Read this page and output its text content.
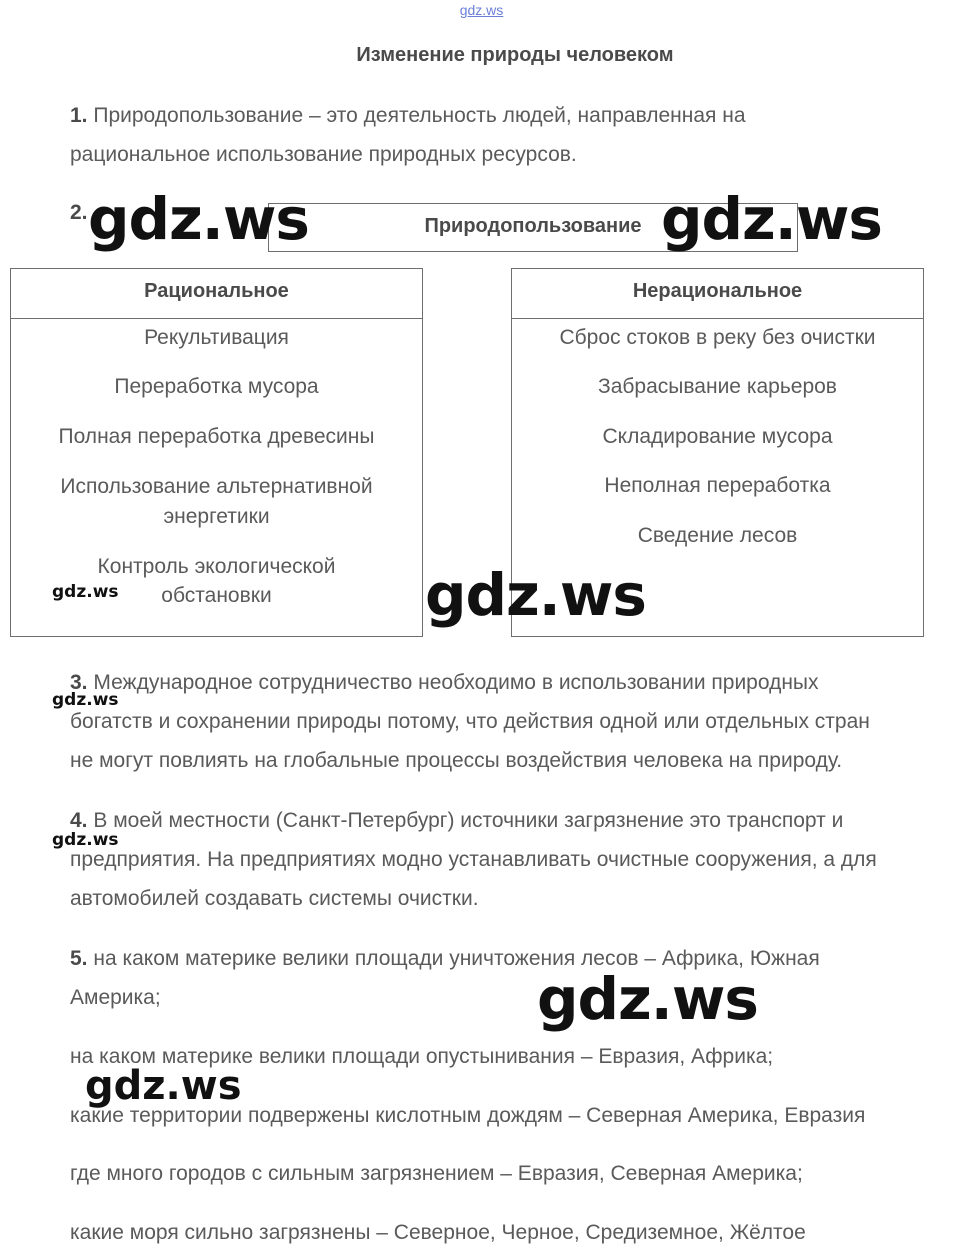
gdz.ws
Изменение природы человеком
1. Природопользование – это деятельность людей, направленная на
рациональное использование природных ресурсов.
2.
Природопользование
Рациональное
Рекультивация
Переработка мусора
Полная переработка древесины
Использование альтернативной
энергетики
Контроль экологической
обстановки
Нерациональное
Сброс стоков в реку без очистки
Забрасывание карьеров
Складирование мусора
Неполная переработка
Сведение лесов
3. Международное сотрудничество необходимо в использовании природных
богатств и сохранении природы потому, что действия одной или отдельных стран
не могут повлиять на глобальные процессы воздействия человека на природу.
4. В моей местности (Санкт-Петербург) источники загрязнение это транспорт и
предприятия. На предприятиях модно устанавливать очистные сооружения, а для
автомобилей создавать системы очистки.
5. на каком материке велики площади уничтожения лесов – Африка, Южная
Америка;
на каком материке велики площади опустынивания – Евразия, Африка;
какие территории подвержены кислотным дождям – Северная Америка, Евразия
где много городов с сильным загрязнением – Евразия, Северная Америка;
какие моря сильно загрязнены – Северное, Черное, Средиземное, Жёлтое
gdz.ws	gdz.ws
gdz.ws
gdz.ws
gdz.ws
gdz.ws
gdz.ws
gdz.ws
